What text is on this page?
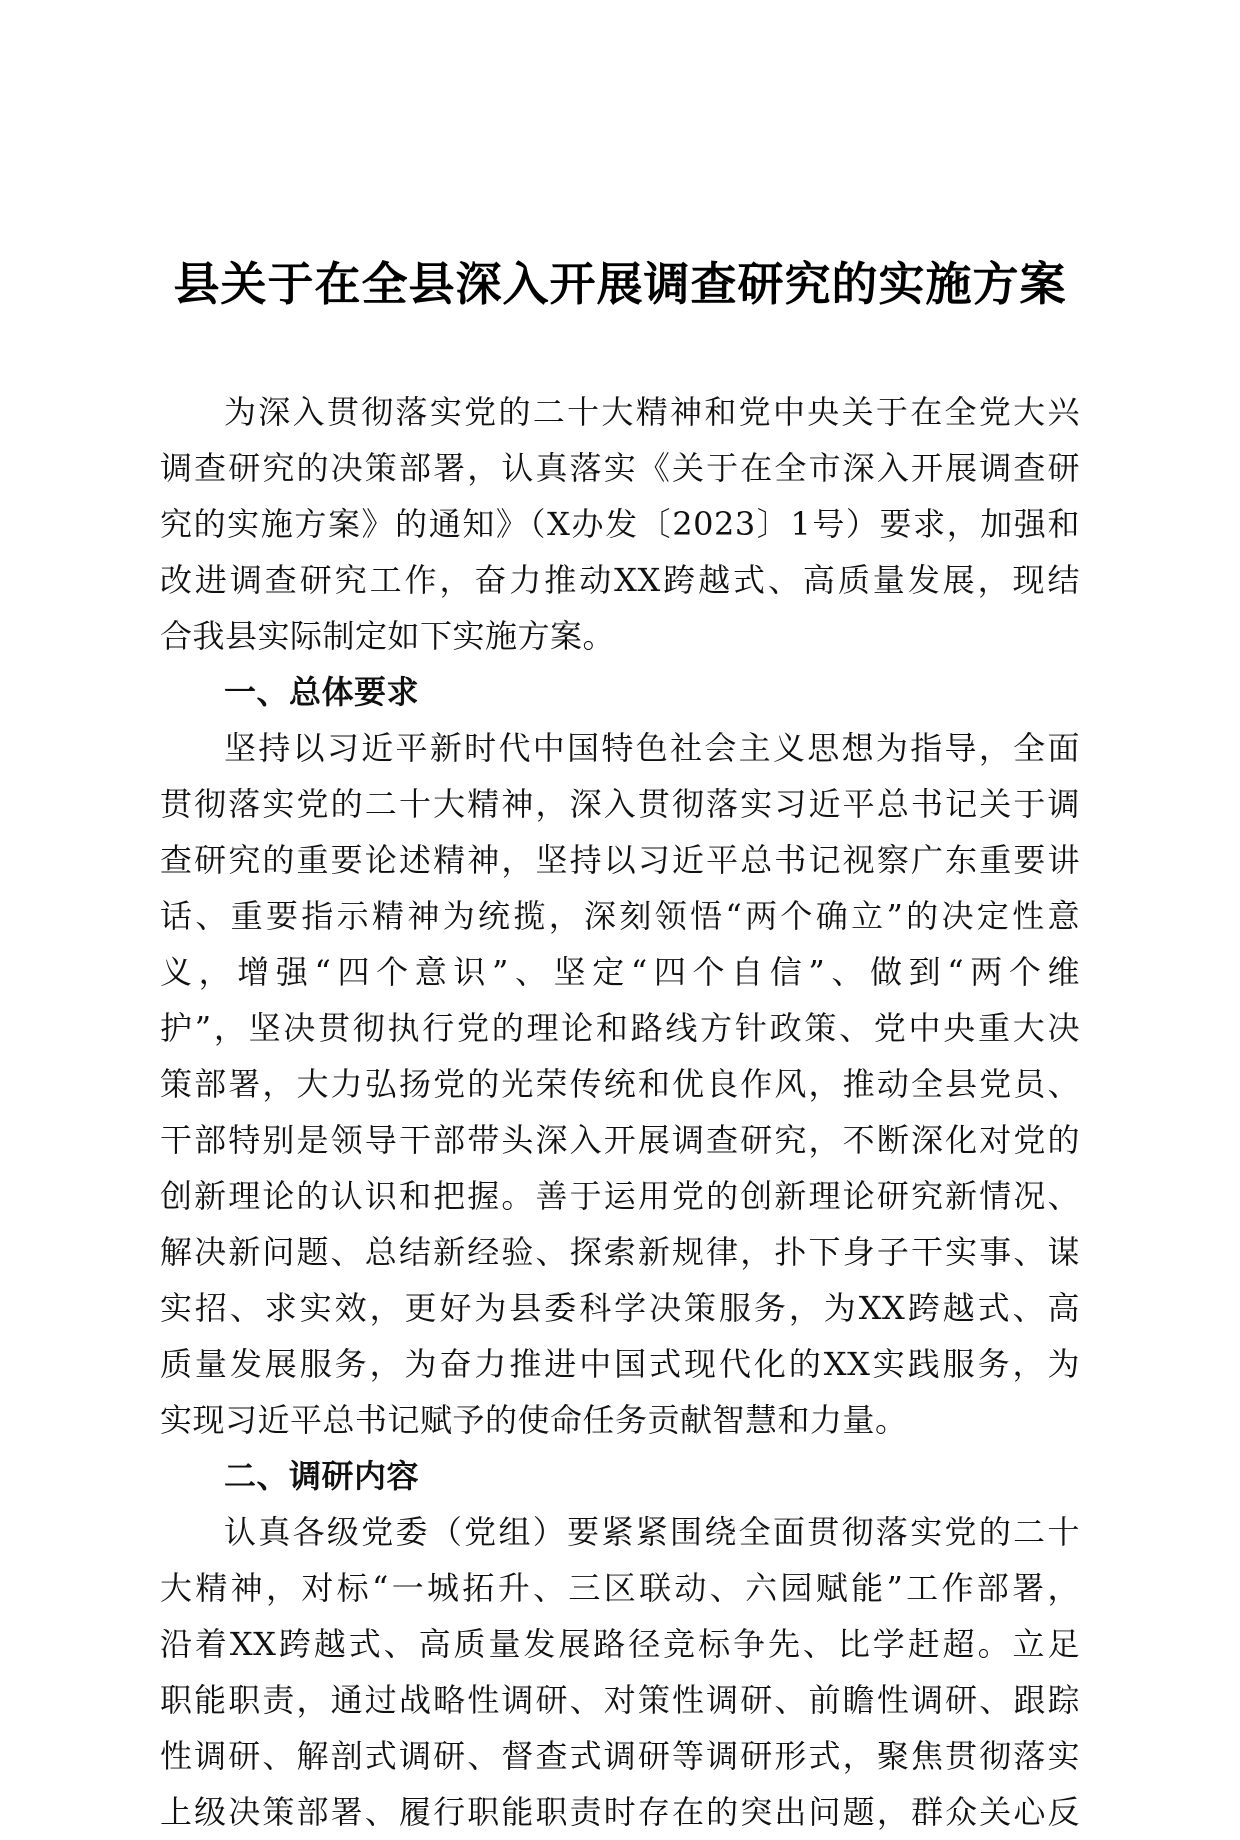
县关于在全县深入开展调查研究的实施方案
为深入贯彻落实党的二十大精神和党中央关于在全党大兴
调查研究的决策部署，认真落实《关于在全市深入开展调查研
究的实施方案》的通知》（X办发〔2023〕1号）要求，加强和
改进调查研究工作，奋力推动XX跨越式、高质量发展，现结
合我县实际制定如下实施方案。
一、总体要求
坚持以习近平新时代中国特色社会主义思想为指导，全面
贯彻落实党的二十大精神，深入贯彻落实习近平总书记关于调
查研究的重要论述精神，坚持以习近平总书记视察广东重要讲
话、重要指示精神为统揽，深刻领悟“两个确立”的决定性意
义，增强“四个意识”、坚定“四个自信”、做到“两个维
护”，坚决贯彻执行党的理论和路线方针政策、党中央重大决
策部署，大力弘扬党的光荣传统和优良作风，推动全县党员、
干部特别是领导干部带头深入开展调查研究，不断深化对党的
创新理论的认识和把握。善于运用党的创新理论研究新情况、
解决新问题、总结新经验、探索新规律，扑下身子干实事、谋
实招、求实效，更好为县委科学决策服务，为XX跨越式、高
质量发展服务，为奋力推进中国式现代化的XX实践服务，为
实现习近平总书记赋予的使命任务贡献智慧和力量。
二、调研内容
认真各级党委（党组）要紧紧围绕全面贯彻落实党的二十
大精神，对标“一城拓升、三区联动、六园赋能”工作部署，
沿着XX跨越式、高质量发展路径竞标争先、比学赶超。立足
职能职责，通过战略性调研、对策性调研、前瞻性调研、跟踪
性调研、解剖式调研、督查式调研等调研形式，聚焦贯彻落实
上级决策部署、履行职能职责时存在的突出问题，群众关心反
